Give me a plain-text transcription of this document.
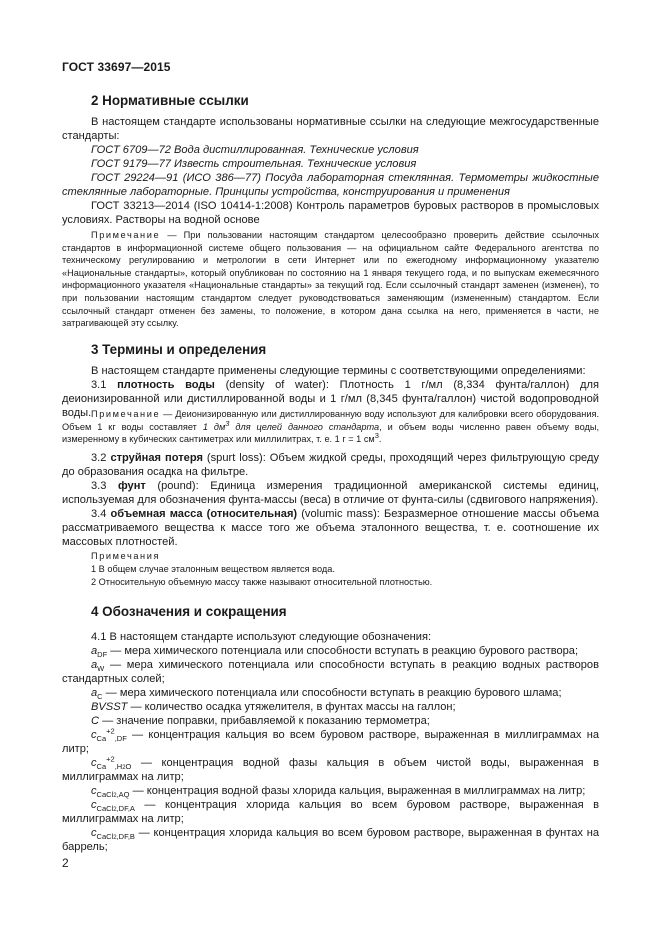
ГОСТ 33697—2015
2 Нормативные ссылки
В настоящем стандарте использованы нормативные ссылки на следующие межгосударственные стандарты:
ГОСТ 6709—72 Вода дистиллированная. Технические условия
ГОСТ 9179—77 Известь строительная. Технические условия
ГОСТ 29224—91 (ИСО 386—77) Посуда лабораторная стеклянная. Термометры жидкостные стеклянные лабораторные. Принципы устройства, конструирования и применения
ГОСТ 33213—2014 (ISO 10414-1:2008) Контроль параметров буровых растворов в промысловых условиях. Растворы на водной основе
Примечание — При пользовании настоящим стандартом целесообразно проверить действие ссылочных стандартов в информационной системе общего пользования — на официальном сайте Федерального агентства по техническому регулированию и метрологии в сети Интернет или по ежегодному информационному указателю «Национальные стандарты», который опубликован по состоянию на 1 января текущего года, и по выпускам ежемесячного информационного указателя «Национальные стандарты» за текущий год. Если ссылочный стандарт заменен (изменен), то при пользовании настоящим стандартом следует руководствоваться заменяющим (измененным) стандартом. Если ссылочный стандарт отменен без замены, то положение, в котором дана ссылка на него, применяется в части, не затрагивающей эту ссылку.
3 Термины и определения
В настоящем стандарте применены следующие термины с соответствующими определениями:
3.1 плотность воды (density of water): Плотность 1 г/мл (8,334 фунта/галлон) для деионизированной или дистиллированной воды и 1 г/мл (8,345 фунта/галлон) чистой водопроводной воды. Примечание — Деионизированную или дистиллированную воду используют для калибровки всего оборудования. Объем 1 кг воды составляет 1 $дм^3$ для целей данного стандарта, и объем воды численно равен объему воды, измеренному в кубических сантиметрах или миллилитрах, т. е. 1 г = 1 $см^3$.
3.2 струйная потеря (spurt loss): Объем жидкой среды, проходящий через фильтрующую среду до образования осадка на фильтре.
3.3 фунт (pound): Единица измерения традиционной американской системы единиц, используемая для обозначения фунта-массы (веса) в отличие от фунта-силы (сдвигового напряжения).
3.4 объемная масса (относительная) (volumic mass): Безразмерное отношение массы объема рассматриваемого вещества к массе того же объема эталонного вещества, т. е. соотношение их массовых плотностей.
Примечания
1 В общем случае эталонным веществом является вода.
2 Относительную объемную массу также называют относительной плотностью.
4 Обозначения и сокращения
4.1 В настоящем стандарте используют следующие обозначения:
$a_{DF}$ — мера химического потенциала или способности вступать в реакцию бурового раствора;
$a_W$ — мера химического потенциала или способности вступать в реакцию водных растворов стандартных солей;
$a_C$ — мера химического потенциала или способности вступать в реакцию бурового шлама;
BVSST — количество осадка утяжелителя, в фунтах массы на галлон;
C — значение поправки, прибавляемой к показанию термометра;
$c_{Ca}^{+2}_{,DF}$ — концентрация кальция во всем буровом растворе, выраженная в миллиграммах на литр;
$c_{Ca}^{+2}_{,H2O}$ — концентрация водной фазы кальция в объем чистой воды, выраженная в миллиграммах на литр;
$c_{CaCl2,AQ}$ — концентрация водной фазы хлорида кальция, выраженная в миллиграммах на литр;
$c_{CaCl2,DF,A}$ — концентрация хлорида кальция во всем буровом растворе, выраженная в миллиграммах на литр;
$c_{CaCl2,DF,B}$ — концентрация хлорида кальция во всем буровом растворе, выраженная в фунтах на баррель;
2
